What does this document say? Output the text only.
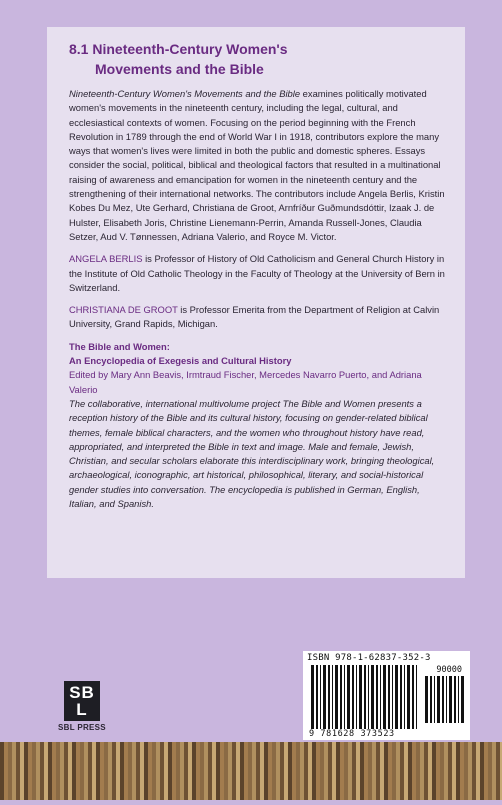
8.1 Nineteenth-Century Women's
Movements and the Bible

Nineteenth-Century Women's Movements and the Bible examines politically motivated women's movements in the nineteenth century, including the legal, cultural, and ecclesiastical contexts of women. Focusing on the period beginning with the French Revolution in 1789 through the end of World War I in 1918, contributors explore the many ways that women's lives were limited in both the public and domestic spheres. Essays consider the social, political, biblical and theological factors that resulted in a multinational raising of awareness and emancipation for women in the nineteenth century and the strengthening of their international networks. The contributors include Angela Berlis, Kristin Kobes Du Mez, Ute Gerhard, Christiana de Groot, Arnfríður Guðmundsdóttir, Izaak J. de Hulster, Elisabeth Joris, Christine Lienemann-Perrin, Amanda Russell-Jones, Claudia Setzer, Aud V. Tønnessen, Adriana Valerio, and Royce M. Victor.

ANGELA BERLIS is Professor of History of Old Catholicism and General Church History in the Institute of Old Catholic Theology in the Faculty of Theology at the University of Bern in Switzerland.

CHRISTIANA DE GROOT is Professor Emerita from the Department of Religion at Calvin University, Grand Rapids, Michigan.

The Bible and Women:
An Encyclopedia of Exegesis and Cultural History
Edited by Mary Ann Beavis, Irmtraud Fischer, Mercedes Navarro Puerto, and Adriana Valerio
The collaborative, international multivolume project The Bible and Women presents a reception history of the Bible and its cultural history, focusing on gender-related biblical themes, female biblical characters, and the women who throughout history have read, appropriated, and interpreted the Bible in text and image. Male and female, Jewish, Christian, and secular scholars elaborate this interdisciplinary work, bringing theological, archaeological, iconographic, art historical, philosophical, literary, and social-historical gender studies into conversation. The encyclopedia is published in German, English, Italian, and Spanish.
SB
L
SBL PRESS
ISBN 978-1-62837-352-3
90000
9 781628 373523
